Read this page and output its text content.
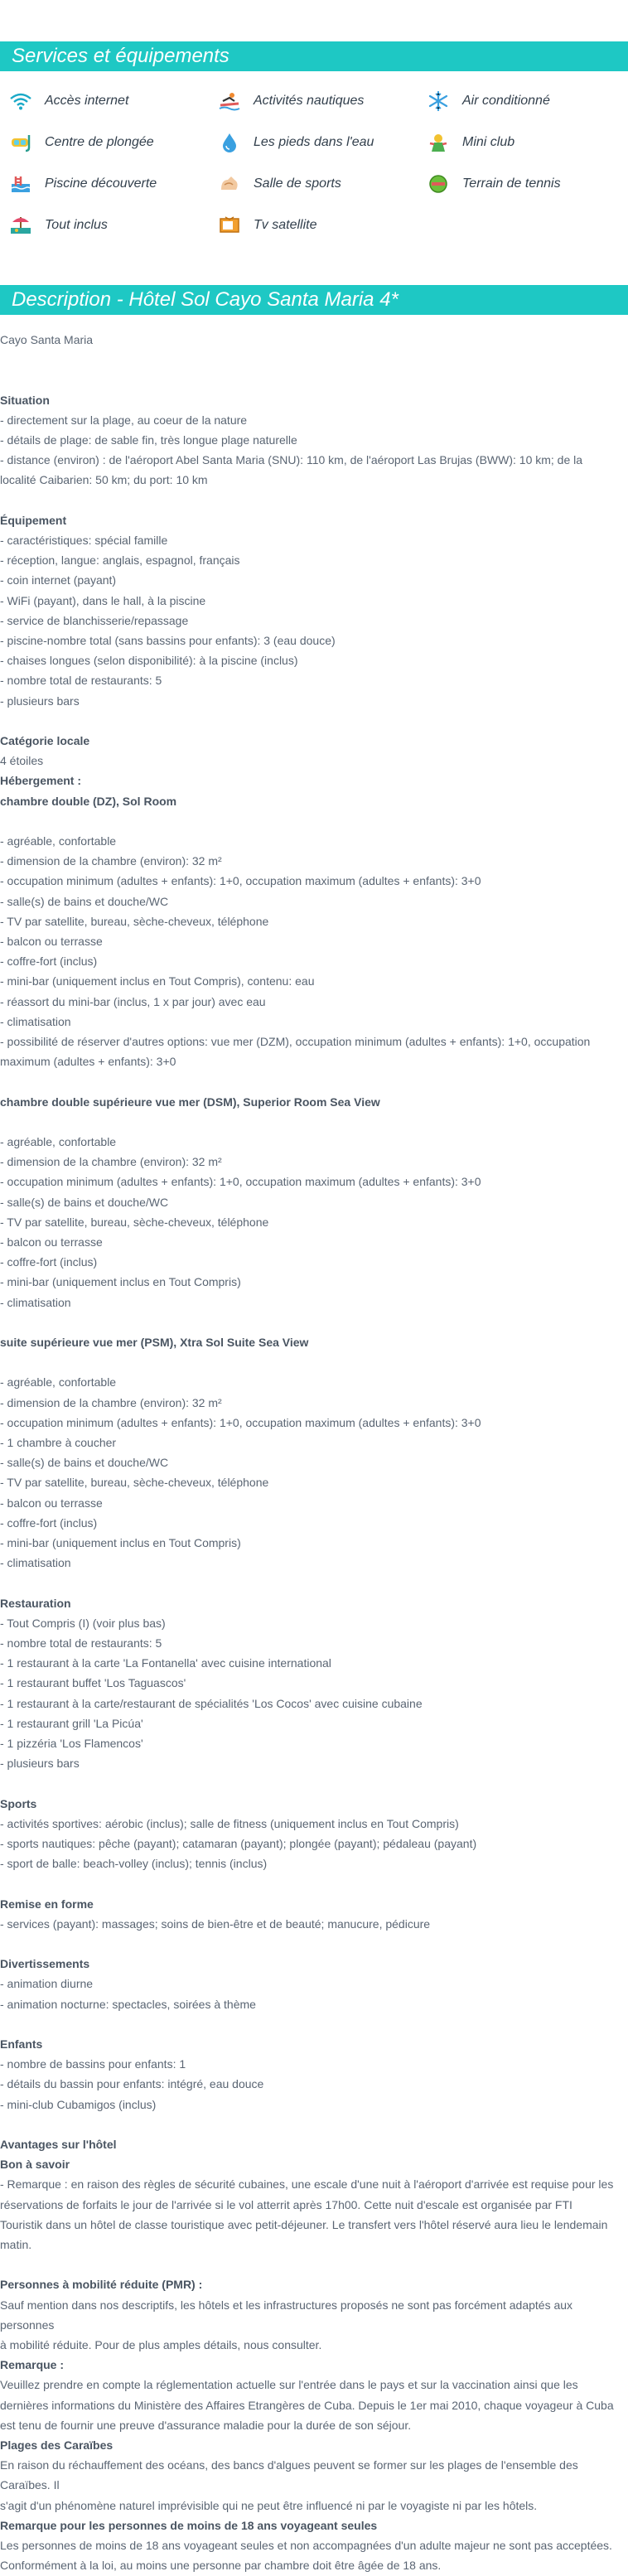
Services et équipements
Accès internet
Centre de plongée
Piscine découverte
Tout inclus
Activités nautiques
Les pieds dans l'eau
Salle de sports
Tv satellite
Air conditionné
Mini club
Terrain de tennis
Description - Hôtel Sol Cayo Santa Maria 4*
Cayo Santa Maria
Situation
- directement sur la plage, au coeur de la nature
- détails de plage: de sable fin, très longue plage naturelle
- distance (environ) : de l'aéroport Abel Santa Maria (SNU): 110 km, de l'aéroport Las Brujas (BWW): 10 km; de la
localité Caibarien: 50 km; du port: 10 km
Équipement
- caractéristiques: spécial famille
- réception, langue: anglais, espagnol, français
- coin internet (payant)
- WiFi (payant), dans le hall, à la piscine
- service de blanchisserie/repassage
- piscine-nombre total (sans bassins pour enfants): 3 (eau douce)
- chaises longues (selon disponibilité): à la piscine (inclus)
- nombre total de restaurants: 5
- plusieurs bars
Catégorie locale
4 étoiles
Hébergement :
chambre double (DZ), Sol Room
- agréable, confortable
- dimension de la chambre (environ): 32 m²
- occupation minimum (adultes + enfants): 1+0, occupation maximum (adultes + enfants): 3+0
- salle(s) de bains et douche/WC
- TV par satellite, bureau, sèche-cheveux, téléphone
- balcon ou terrasse
- coffre-fort (inclus)
- mini-bar (uniquement inclus en Tout Compris), contenu: eau
- réassort du mini-bar (inclus, 1 x par jour) avec eau
- climatisation
- possibilité de réserver d'autres options: vue mer (DZM), occupation minimum (adultes + enfants): 1+0, occupation
maximum (adultes + enfants): 3+0
chambre double supérieure vue mer (DSM), Superior Room Sea View
- agréable, confortable
- dimension de la chambre (environ): 32 m²
- occupation minimum (adultes + enfants): 1+0, occupation maximum (adultes + enfants): 3+0
- salle(s) de bains et douche/WC
- TV par satellite, bureau, sèche-cheveux, téléphone
- balcon ou terrasse
- coffre-fort (inclus)
- mini-bar (uniquement inclus en Tout Compris)
- climatisation
suite supérieure vue mer (PSM), Xtra Sol Suite Sea View
- agréable, confortable
- dimension de la chambre (environ): 32 m²
- occupation minimum (adultes + enfants): 1+0, occupation maximum (adultes + enfants): 3+0
- 1 chambre à coucher
- salle(s) de bains et douche/WC
- TV par satellite, bureau, sèche-cheveux, téléphone
- balcon ou terrasse
- coffre-fort (inclus)
- mini-bar (uniquement inclus en Tout Compris)
- climatisation
Restauration
- Tout Compris (I) (voir plus bas)
- nombre total de restaurants: 5
- 1 restaurant à la carte 'La Fontanella' avec cuisine international
- 1 restaurant buffet 'Los Taguascos'
- 1 restaurant à la carte/restaurant de spécialités 'Los Cocos' avec cuisine cubaine
- 1 restaurant grill 'La Picúa'
- 1 pizzéria 'Los Flamencos'
- plusieurs bars
Sports
- activités sportives: aérobic (inclus); salle de fitness (uniquement inclus en Tout Compris)
- sports nautiques: pêche (payant); catamaran (payant); plongée (payant); pédaleau (payant)
- sport de balle: beach-volley (inclus); tennis (inclus)
Remise en forme
- services (payant): massages; soins de bien-être et de beauté; manucure, pédicure
Divertissements
- animation diurne
- animation nocturne: spectacles, soirées à thème
Enfants
- nombre de bassins pour enfants: 1
- détails du bassin pour enfants: intégré, eau douce
- mini-club Cubamigos (inclus)
Avantages sur l'hôtel
Bon à savoir
- Remarque : en raison des règles de sécurité cubaines, une escale d'une nuit à l'aéroport d'arrivée est requise pour les
réservations de forfaits le jour de l'arrivée si le vol atterrit après 17h00. Cette nuit d'escale est organisée par FTI
Touristik dans un hôtel de classe touristique avec petit-déjeuner. Le transfert vers l'hôtel réservé aura lieu le lendemain
matin.
Personnes à mobilité réduite (PMR) :
Sauf mention dans nos descriptifs, les hôtels et les infrastructures proposés ne sont pas forcément adaptés aux personnes
à mobilité réduite. Pour de plus amples détails, nous consulter.
Remarque :
Veuillez prendre en compte la réglementation actuelle sur l'entrée dans le pays et sur la vaccination ainsi que les
dernières informations du Ministère des Affaires Etrangères de Cuba. Depuis le 1er mai 2010, chaque voyageur à Cuba
est tenu de fournir une preuve d'assurance maladie pour la durée de son séjour.
Plages des Caraïbes
En raison du réchauffement des océans, des bancs d'algues peuvent se former sur les plages de l'ensemble des Caraïbes. Il
s'agit d'un phénomène naturel imprévisible qui ne peut être influencé ni par le voyagiste ni par les hôtels.
Remarque pour les personnes de moins de 18 ans voyageant seules
Les personnes de moins de 18 ans voyageant seules et non accompagnées d'un adulte majeur ne sont pas acceptées.
Conformément à la loi, au moins une personne par chambre doit être âgée de 18 ans.
